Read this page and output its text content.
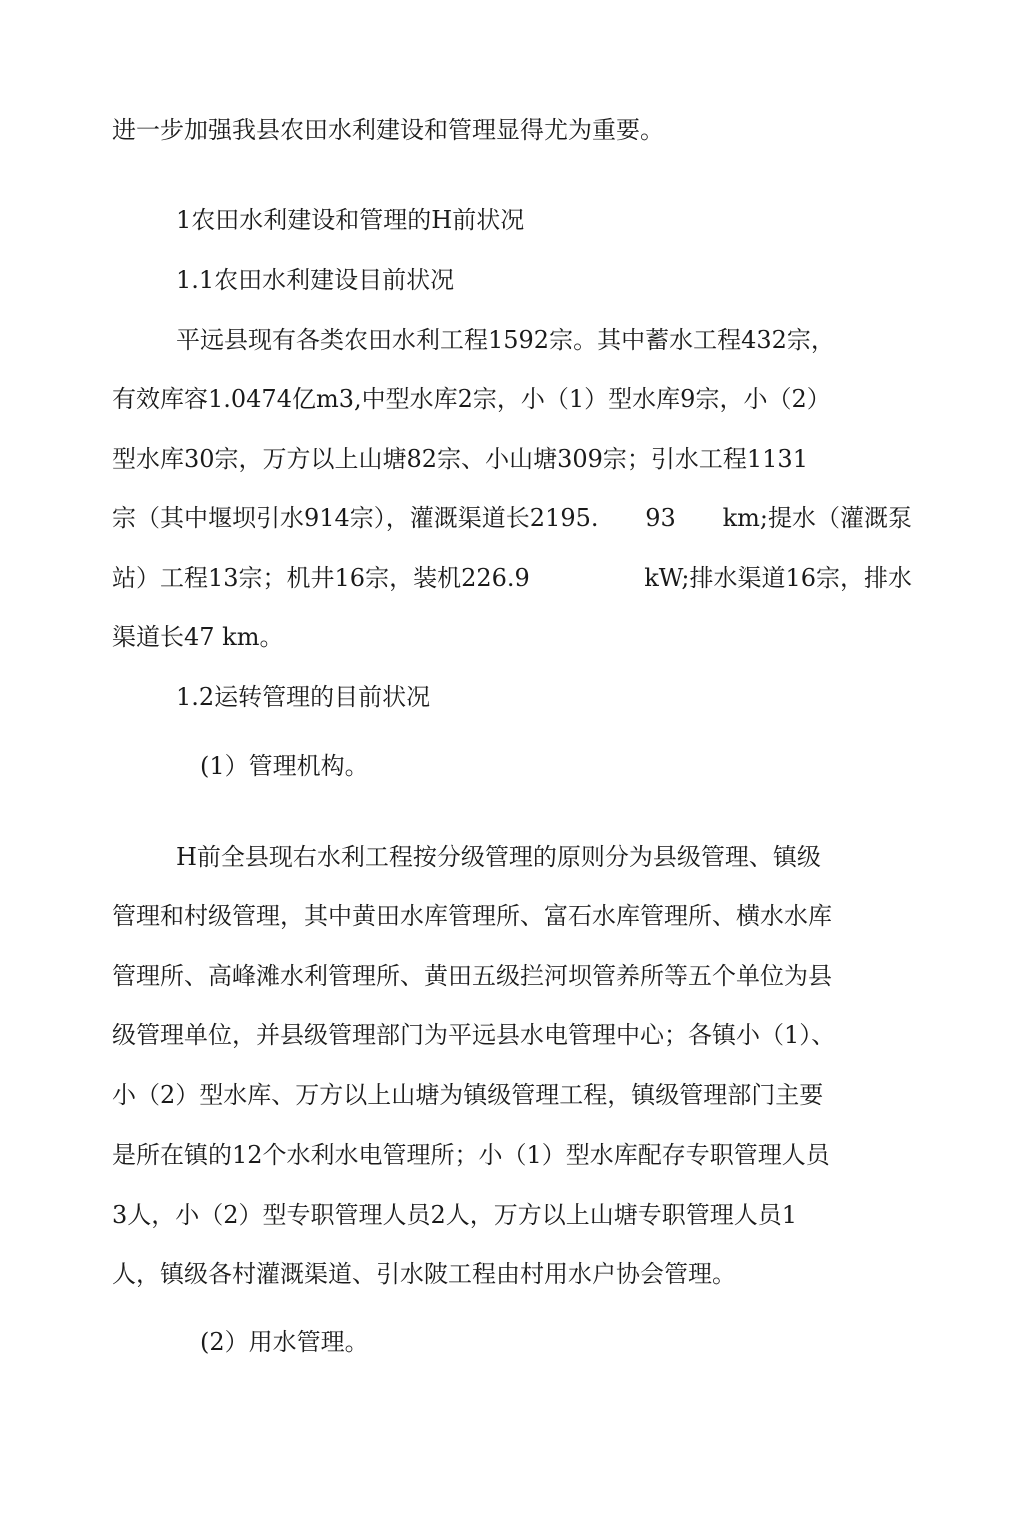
进一步加强我县农田水利建设和管理显得尤为重要。
1农田水利建设和管理的H前状况
1.1农田水利建设目前状况
平远县现有各类农田水利工程1592宗。其中蓄水工程432宗，
有效库容1.0474亿m3,中型水库2宗，小（1）型水库9宗，小（2）
型水库30宗，万方以上山塘82宗、小山塘309宗；引水工程1131
宗（其中堰坝引水914宗），灌溉渠道长2195. 93 km;提水（灌溉泵
站）工程13宗；机井16宗，装机226.9	kW;排水渠道16宗，排水
渠道长47 km。
1.2运转管理的目前状况
(1）管理机构。
H前全县现右水利工程按分级管理的原则分为县级管理、镇级
管理和村级管理，其中黄田水库管理所、富石水库管理所、横水水库
管理所、高峰滩水利管理所、黄田五级拦河坝管养所等五个单位为县
级管理单位，并县级管理部门为平远县水电管理中心；各镇小（1）、
小（2）型水库、万方以上山塘为镇级管理工程，镇级管理部门主要
是所在镇的12个水利水电管理所；小（1）型水库配存专职管理人员
3人，小（2）型专职管理人员2人，万方以上山塘专职管理人员1
人，镇级各村灌溉渠道、引水陂工程由村用水户协会管理。
(2）用水管理。
